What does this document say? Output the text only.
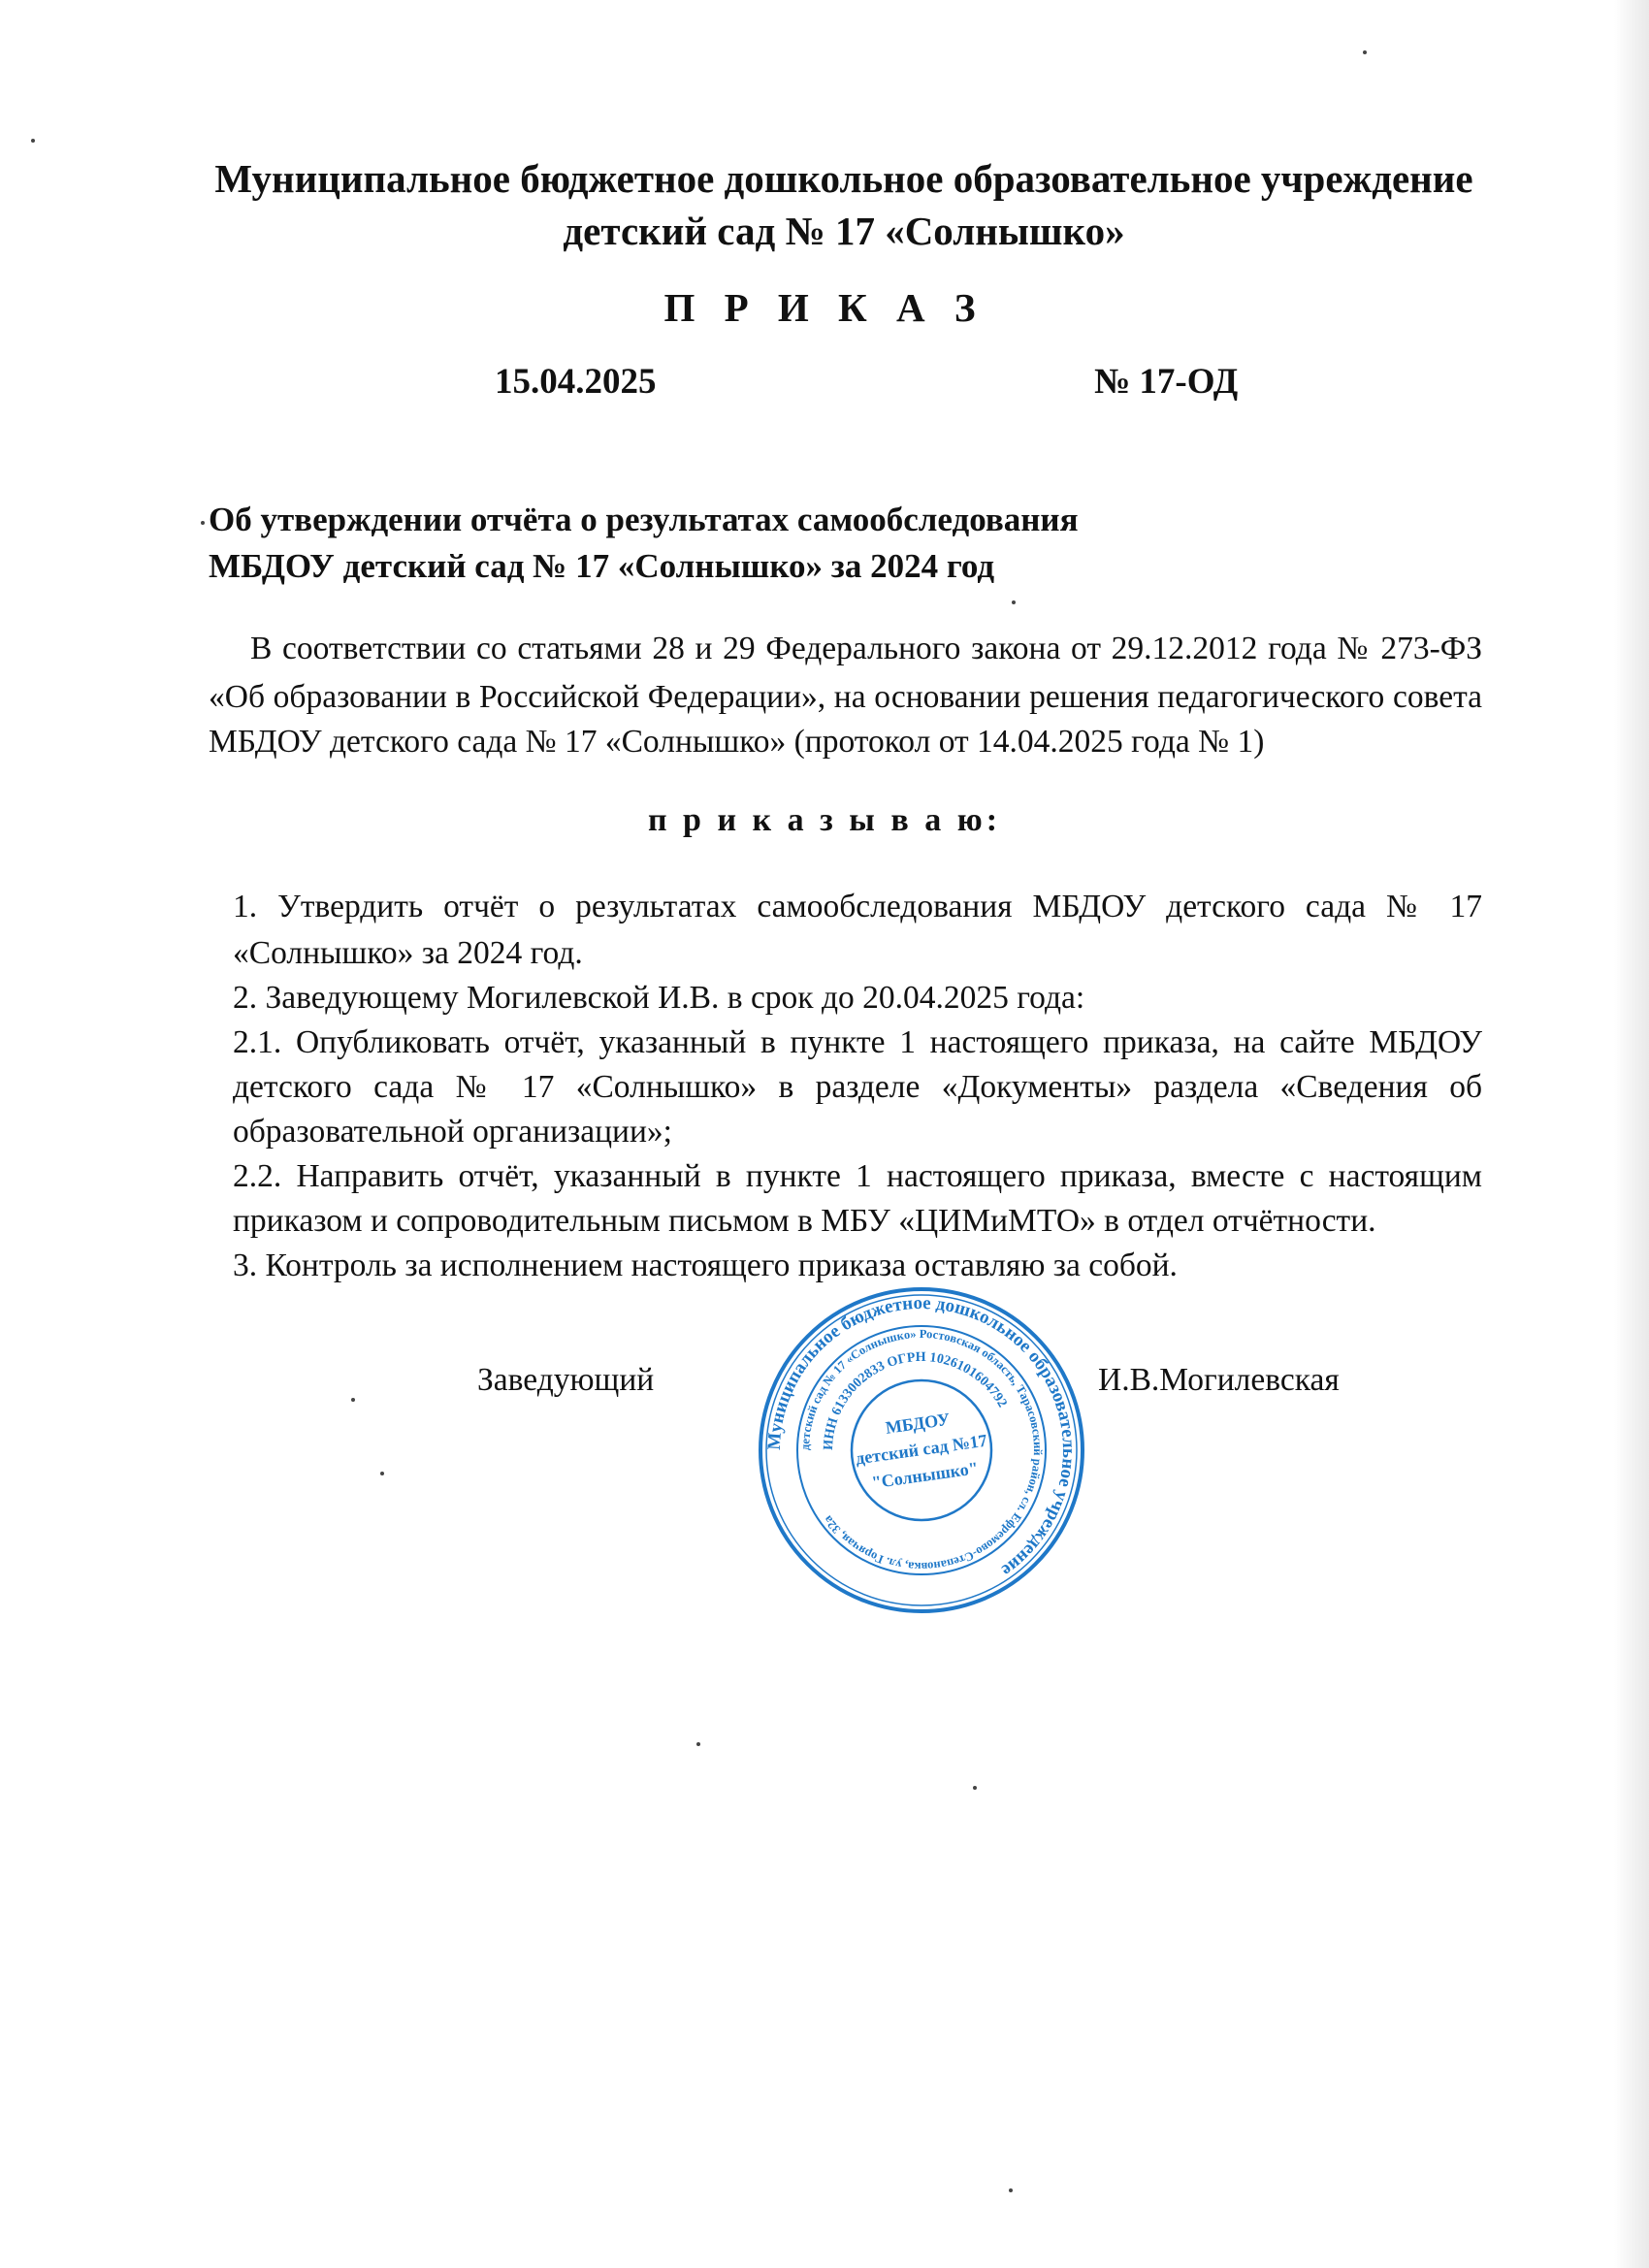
Муниципальное бюджетное дошкольное образовательное учреждение
детский сад № 17 «Солнышко»
П Р И К А З
15.04.2025	№ 17-ОД
Об утверждении отчёта о результатах самообследования
МБДОУ детский сад № 17 «Солнышко» за 2024 год
В соответствии со статьями 28 и 29 Федерального закона от 29.12.2012 года № 273-ФЗ
«Об образовании в Российской Федерации», на основании решения педагогического совета
МБДОУ детского сада № 17 «Солнышко» (протокол от 14.04.2025 года № 1)
п р и к а з ы в а ю:
1. Утвердить отчёт о результатах самообследования МБДОУ детского сада № 17
«Солнышко» за 2024 год.
2. Заведующему Могилевской И.В. в срок до 20.04.2025 года:
2.1. Опубликовать отчёт, указанный в пункте 1 настоящего приказа, на сайте МБДОУ
детского сада № 17 «Солнышко» в разделе «Документы» раздела «Сведения об
образовательной организации»;
2.2. Направить отчёт, указанный в пункте 1 настоящего приказа, вместе с настоящим
приказом и сопроводительным письмом в МБУ «ЦИМиМТО» в отдел отчётности.
3. Контроль за исполнением настоящего приказа оставляю за собой.
Заведующий	И.В.Могилевская
Муниципальное бюджетное дошкольное образовательное учреждение
детский сад № 17 «Солнышко» Ростовская область, Тарасовский район, сл. Ефремово-Степановка, ул. Горячая, 32а
ИНН 6133002833 ОГРН 1026101604792
МБДОУ
детский сад №17
"Солнышко"
